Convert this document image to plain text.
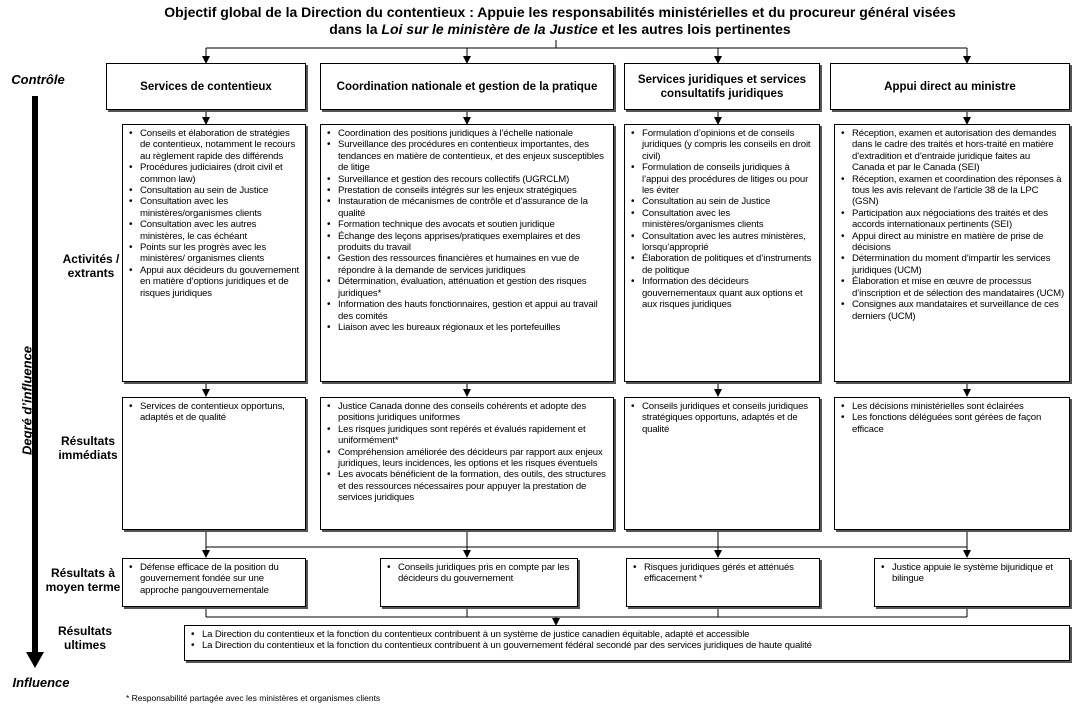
Objectif global de la Direction du contentieux : Appuie les responsabilités ministérielles et du procureur général visées
dans la Loi sur le ministère de la Justice et les autres lois pertinentes
Contrôle
Degré d’influence
Influence
Activités / extrants
Résultats immédiats
Résultats à moyen terme
Résultats ultimes
Services de contentieux	Coordination nationale et gestion de la pratique
Services juridiques et services consultatifs juridiques
Appui direct au ministre
• Conseils et élaboration de stratégies de contentieux, notamment le recours au règlement rapide des différends
• Procédures judiciaires (droit civil et common law)
• Consultation au sein de Justice
• Consultation avec les ministères/organismes clients
• Consultation avec les autres ministères, le cas échéant
• Points sur les progrès avec les ministères/ organismes clients
• Appui aux décideurs du gouvernement en matière d’options juridiques et de risques juridiques
• Coordination des positions juridiques à l’échelle nationale
• Surveillance des procédures en contentieux importantes, des tendances en matière de contentieux, et des enjeux susceptibles de litige
• Surveillance et gestion des recours collectifs (UGRCLM)
• Prestation de conseils intégrés sur les enjeux stratégiques
• Instauration de mécanismes de contrôle et d’assurance de la qualité
• Formation technique des avocats et soutien juridique
• Échange des leçons apprises/pratiques exemplaires et des produits du travail
• Gestion des ressources financières et humaines en vue de répondre à la demande de services juridiques
• Détermination, évaluation, atténuation et gestion des risques juridiques*
• Information des hauts fonctionnaires, gestion et appui au travail des comités
• Liaison avec les bureaux régionaux et les portefeuilles
• Formulation d’opinions et de conseils juridiques (y compris les conseils en droit civil)
• Formulation de conseils juridiques à l’appui des procédures de litiges ou pour les éviter
• Consultation au sein de Justice
• Consultation avec les ministères/organismes clients
• Consultation avec les autres ministères, lorsqu’approprié
• Élaboration de politiques et d’instruments de politique
• Information des décideurs gouvernementaux quant aux options et aux risques juridiques
• Réception, examen et autorisation des demandes dans le cadre des traités et hors-traité en matière d’extradition et d’entraide juridique faites au Canada et par le Canada (SEI)
• Réception, examen et coordination des réponses à tous les avis relevant de l’article 38 de la LPC (GSN)
• Participation aux négociations des traités et des accords internationaux pertinents (SEI)
• Appui direct au ministre en matière de prise de décisions
• Détermination du moment d’impartir les services juridiques (UCM)
• Élaboration et mise en œuvre de processus d’inscription et de sélection des mandataires (UCM)
• Consignes aux mandataires et surveillance de ces derniers (UCM)
• Services de contentieux opportuns, adaptés et de qualité
• Justice Canada donne des conseils cohérents et adopte des positions juridiques uniformes
• Les risques juridiques sont repérés et évalués rapidement et uniformément*
• Compréhension améliorée des décideurs par rapport aux enjeux juridiques, leurs incidences, les options et les risques éventuels
• Les avocats bénéficient de la formation, des outils, des structures et des ressources nécessaires pour appuyer la prestation de services juridiques
• Conseils juridiques et conseils juridiques stratégiques opportuns, adaptés et de qualité
• Les décisions ministérielles sont éclairées
• Les fonctions déléguées sont gérées de façon efficace
• Défense efficace de la position du gouvernement fondée sur une approche pangouvernementale
• Conseils juridiques pris en compte par les décideurs du gouvernement
• Risques juridiques gérés et atténués efficacement *
• Justice appuie le système bijuridique et bilingue
• La Direction du contentieux et la fonction du contentieux contribuent à un système de justice canadien équitable, adapté et accessible
• La Direction du contentieux et la fonction du contentieux contribuent à un gouvernement fédéral secondé par des services juridiques de haute qualité
* Responsabilité partagée avec les ministères et organismes clients
